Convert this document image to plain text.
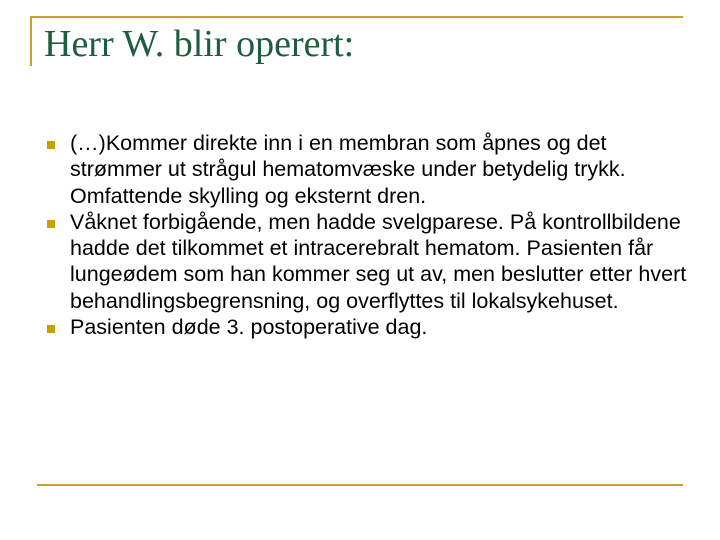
Herr W. blir operert:
(…)Kommer direkte inn i en membran som åpnes og det strømmer ut strågul hematomvæske under betydelig trykk. Omfattende skylling og eksternt dren.
Våknet forbigående, men hadde svelgparese. På kontrollbildene hadde det tilkommet et intracerebralt hematom. Pasienten får lungeødem som han kommer seg ut av, men beslutter etter hvert behandlingsbegrensning, og overflyttes til lokalsykehuset.
Pasienten døde 3. postoperative dag.
